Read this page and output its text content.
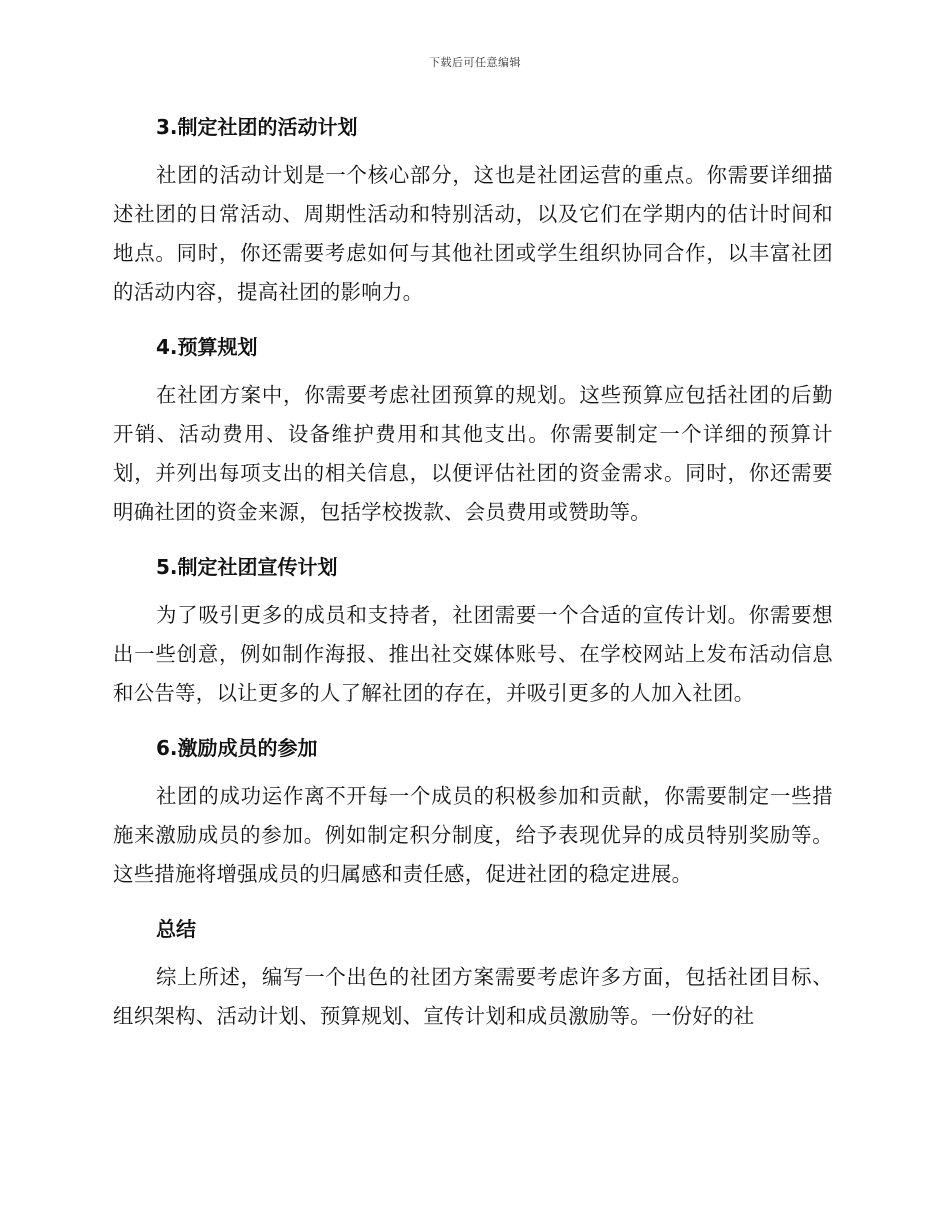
下载后可任意编辑
3.制定社团的活动计划

社团的活动计划是一个核心部分，这也是社团运营的重点。你需要详细描述社团的日常活动、周期性活动和特别活动，以及它们在学期内的估计时间和地点。同时，你还需要考虑如何与其他社团或学生组织协同合作，以丰富社团的活动内容，提高社团的影响力。

4.预算规划

在社团方案中，你需要考虑社团预算的规划。这些预算应包括社团的后勤开销、活动费用、设备维护费用和其他支出。你需要制定一个详细的预算计划，并列出每项支出的相关信息，以便评估社团的资金需求。同时，你还需要明确社团的资金来源，包括学校拨款、会员费用或赞助等。

5.制定社团宣传计划

为了吸引更多的成员和支持者，社团需要一个合适的宣传计划。你需要想出一些创意，例如制作海报、推出社交媒体账号、在学校网站上发布活动信息和公告等，以让更多的人了解社团的存在，并吸引更多的人加入社团。

6.激励成员的参加

社团的成功运作离不开每一个成员的积极参加和贡献，你需要制定一些措施来激励成员的参加。例如制定积分制度，给予表现优异的成员特别奖励等。这些措施将增强成员的归属感和责任感，促进社团的稳定进展。

总结

综上所述，编写一个出色的社团方案需要考虑许多方面，包括社团目标、组织架构、活动计划、预算规划、宣传计划和成员激励等。一份好的社
